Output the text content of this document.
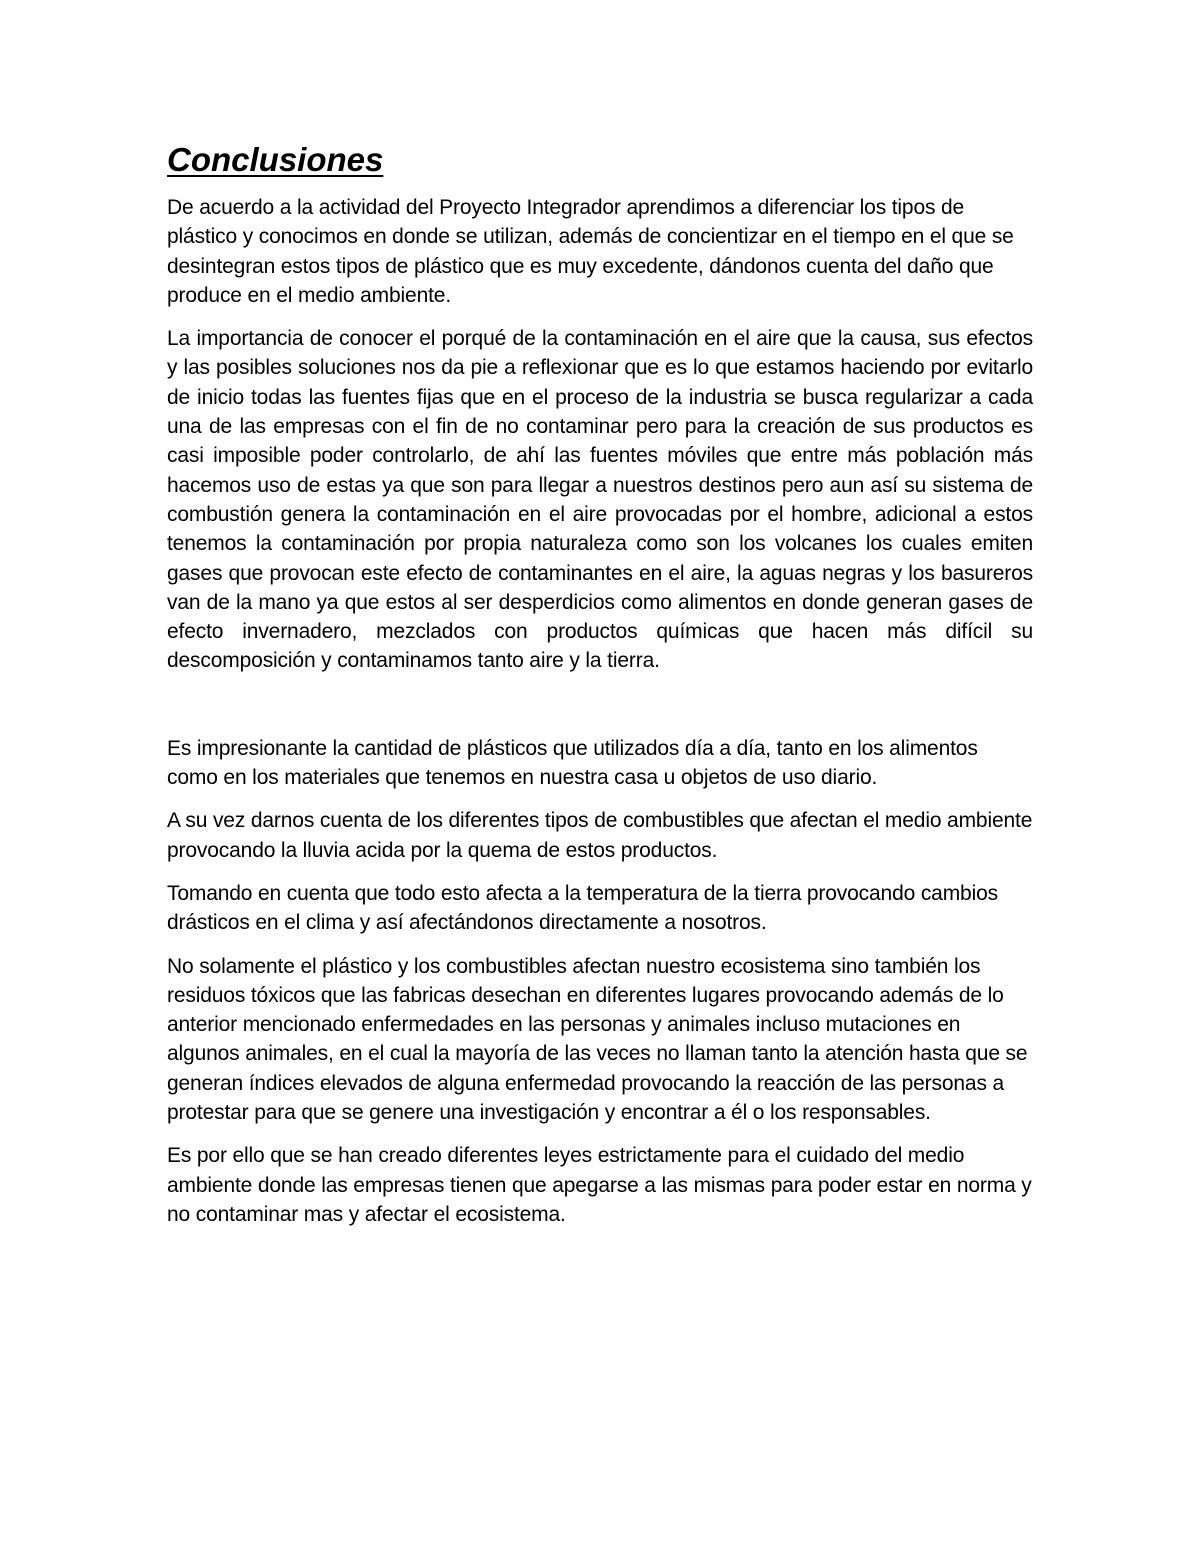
Conclusiones

De acuerdo a la actividad del Proyecto Integrador aprendimos a diferenciar los tipos de plástico y conocimos en donde se utilizan, además de concientizar en el tiempo en el que se desintegran estos tipos de plástico que es muy excedente, dándonos cuenta del daño que produce en el medio ambiente.

La importancia de conocer el porqué de la contaminación en el aire que la causa, sus efectos y las posibles soluciones nos da pie a reflexionar que es lo que estamos haciendo por evitarlo de inicio todas las fuentes fijas que en el proceso de la industria se busca regularizar a cada una de las empresas con el fin de no contaminar pero para la creación de sus productos es casi imposible poder controlarlo, de ahí las fuentes móviles que entre más población más hacemos uso de estas ya que son para llegar a nuestros destinos pero aun así su sistema de combustión genera la contaminación en el aire provocadas por el hombre, adicional a estos tenemos la contaminación por propia naturaleza como son los volcanes los cuales emiten gases que provocan este efecto de contaminantes en el aire, la aguas negras y los basureros van de la mano ya que estos al ser desperdicios como alimentos en donde generan gases de efecto invernadero, mezclados con productos químicas que hacen más difícil su descomposición y contaminamos tanto aire y la tierra.

Es impresionante la cantidad de plásticos que utilizados día a día, tanto en los alimentos como en los materiales que tenemos en nuestra casa u objetos de uso diario.

A su vez darnos cuenta de los diferentes tipos de combustibles que afectan el medio ambiente provocando la lluvia acida por la quema de estos productos.

Tomando en cuenta que todo esto afecta a la temperatura de la tierra provocando cambios drásticos en el clima y así afectándonos directamente a nosotros.

No solamente el plástico y los combustibles afectan nuestro ecosistema sino también los residuos tóxicos que las fabricas desechan en diferentes lugares provocando además de lo anterior mencionado enfermedades en las personas y animales incluso mutaciones en algunos animales, en el cual la mayoría de las veces no llaman tanto la atención hasta que se generan índices elevados de alguna enfermedad provocando la reacción de las personas a protestar para que se genere una investigación y encontrar a él o los responsables.

Es por ello que se han creado diferentes leyes estrictamente para el cuidado del medio ambiente donde las empresas tienen que apegarse a las mismas para poder estar en norma y no contaminar mas y afectar el ecosistema.
